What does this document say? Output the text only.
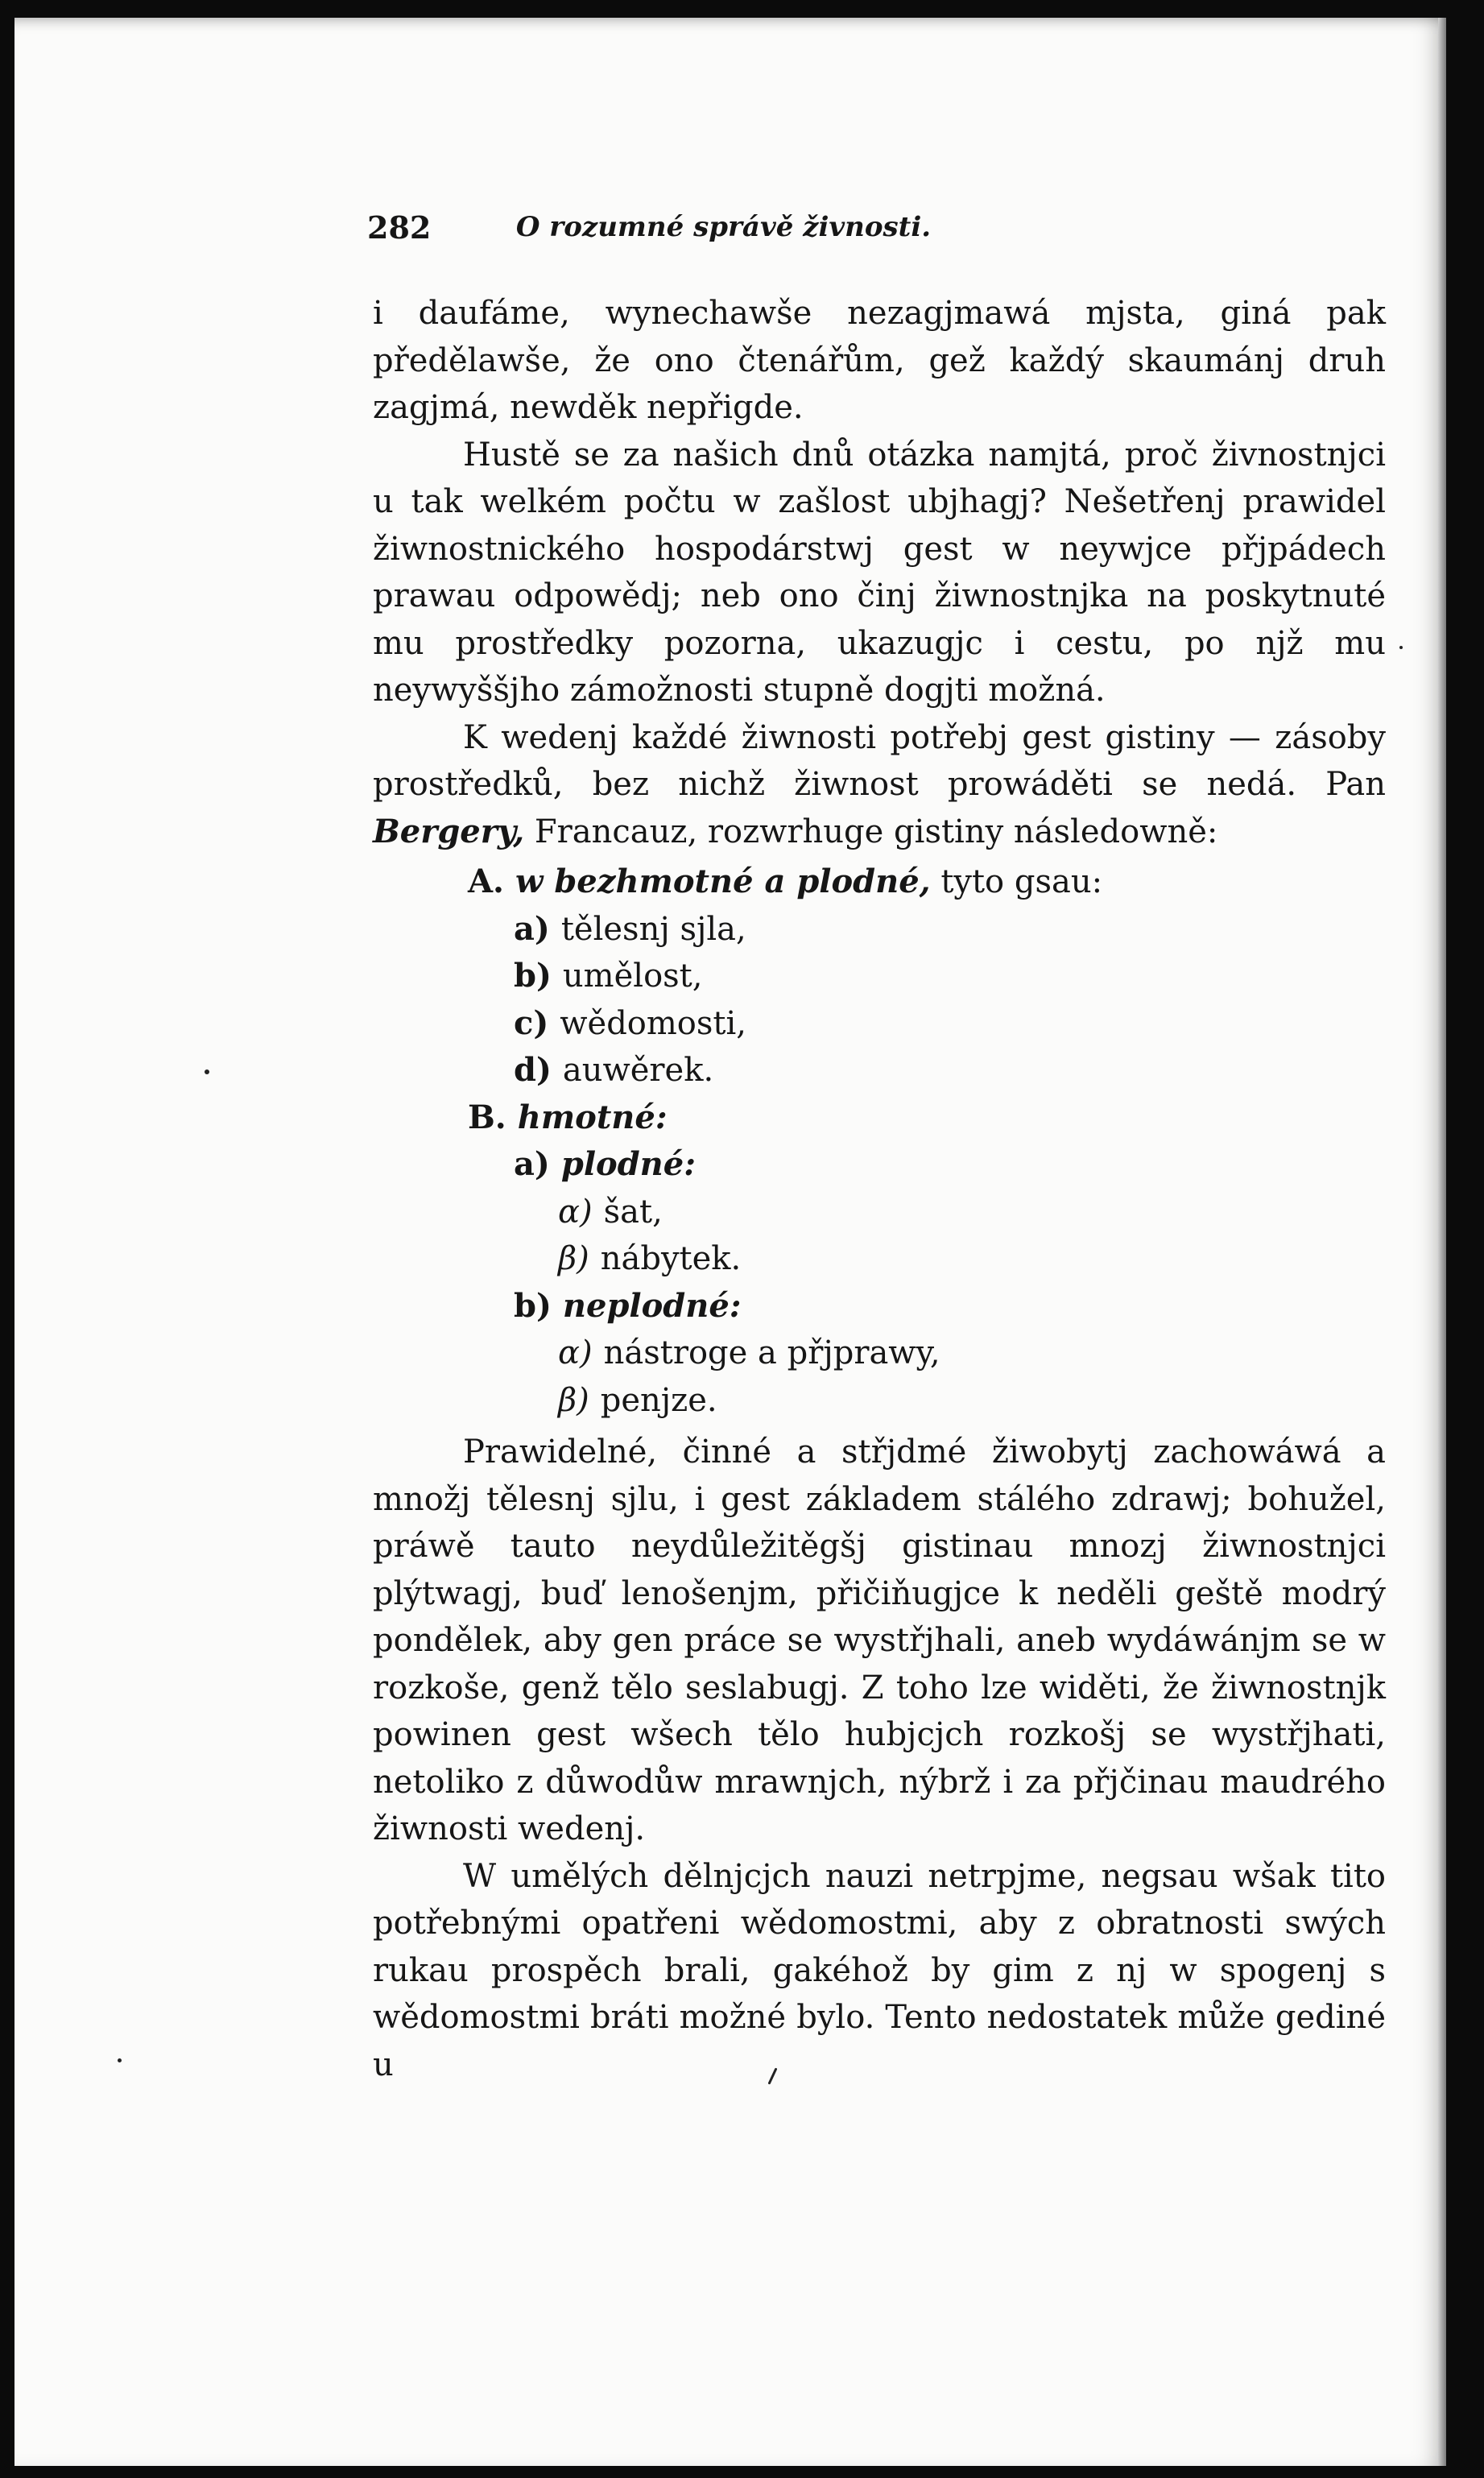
282	O rozumné správě živnosti.

i daufáme, wynechawše nezagjmawá mjsta, giná pak předělawše, že ono čtenářům, gež každý skaumánj druh zagjmá, newděk nepřigde.

Hustě se za našich dnů otázka namjtá, proč živnostnjci u tak welkém počtu w zašlost ubjhagj? Nešetřenj prawidel žiwnostnického hospodárstwj gest w neywjce přjpádech prawau odpowědj; neb ono činj žiwnostnjka na poskytnuté mu prostředky pozorna, ukazugjc i cestu, po njž mu neywyššjho zámožnosti stupně dogjti možná.

K wedenj každé žiwnosti potřebj gest gistiny — zásoby prostředků, bez nichž žiwnost prowáděti se nedá. Pan Bergery, Francauz, rozwrhuge gistiny následowně:

A. w bezhmotné a plodné, tyto gsau:
a) tělesnj sjla,
b) umělost,
c) wědomosti,
d) auwěrek.
B. hmotné:
a) plodné:
α) šat,
β) nábytek.
b) neplodné:
α) nástroge a přjprawy,
β) penjze.

Prawidelné, činné a střjdmé žiwobytj zachowáwá a množj tělesnj sjlu, i gest základem stálého zdrawj; bohužel, práwě tauto neydůležitěgšj gistinau mnozj žiwnostnjci plýtwagj, buď lenošenjm, přičiňugjce k neděli geště modrý pondělek, aby gen práce se wystřjhali, aneb wydáwánjm se w rozkoše, genž tělo seslabugj. Z toho lze widěti, že žiwnostnjk powinen gest wšech tělo hubjcjch rozkošj se wystřjhati, netoliko z důwodůw mrawnjch, nýbrž i za přjčinau maudrého žiwnosti wedenj.

W umělých dělnjcjch nauzi netrpjme, negsau wšak tito potřebnými opatřeni wědomostmi, aby z obratnosti swých rukau prospěch brali, gakéhož by gim z nj w spogenj s wědomostmi bráti možné bylo. Tento nedostatek může gediné u
